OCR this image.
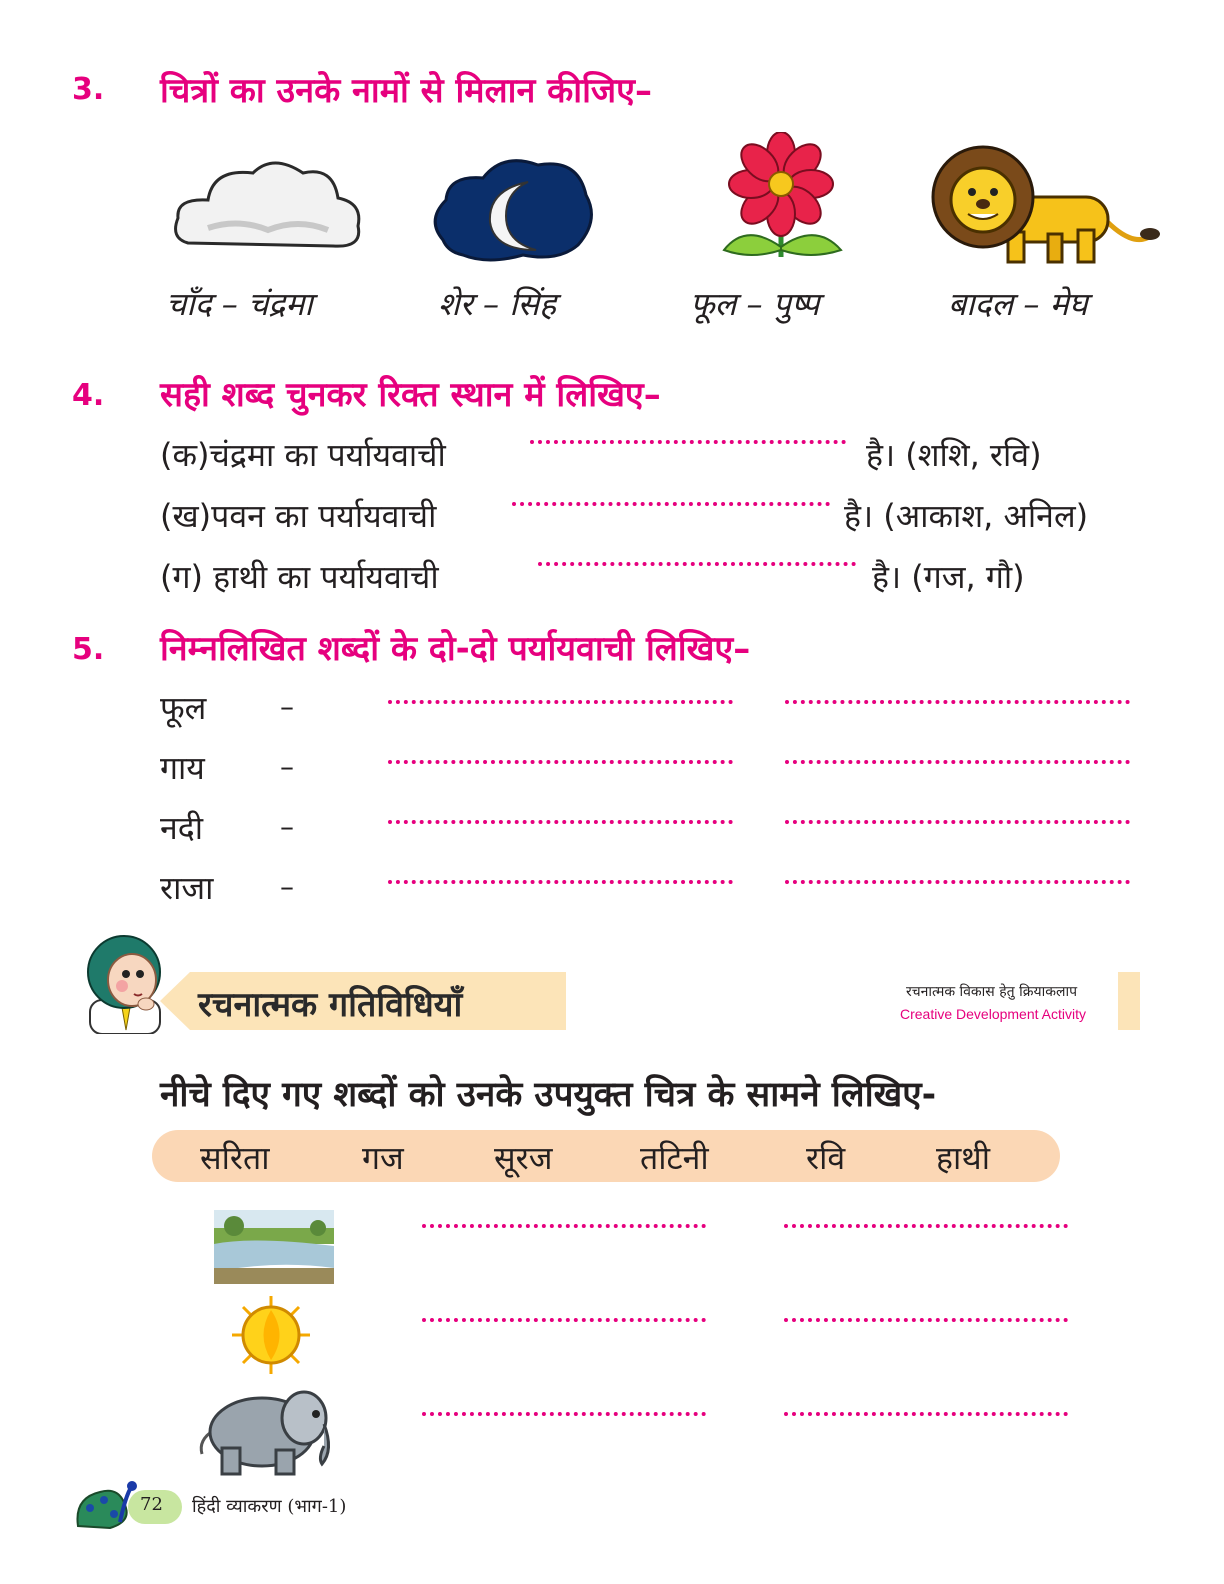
3. चित्रों का उनके नामों से मिलान कीजिए–
चाँद – चंद्रमा	शेर – सिंह	फूल – पुष्प	बादल – मेघ
4. सही शब्द चुनकर रिक्त स्थान में लिखिए–
(क)चंद्रमा का पर्यायवाची	है। (शशि, रवि)
(ख)पवन का पर्यायवाची	है। (आकाश, अनिल)
(ग) हाथी का पर्यायवाची	है। (गज, गौ)
5. निम्नलिखित शब्दों के दो-दो पर्यायवाची लिखिए–
फूल	–
गाय	–
नदी	–
राजा –
रचनात्मक गतिविधियाँ	रचनात्मक विकास हेतु क्रियाकलाप
Creative Development Activity
नीचे दिए गए शब्दों को उनके उपयुक्त चित्र के सामने लिखिए-
सरिता	गज	सूरज	तटिनी	रवि	हाथी
72 हिंदी व्याकरण (भाग-1)
